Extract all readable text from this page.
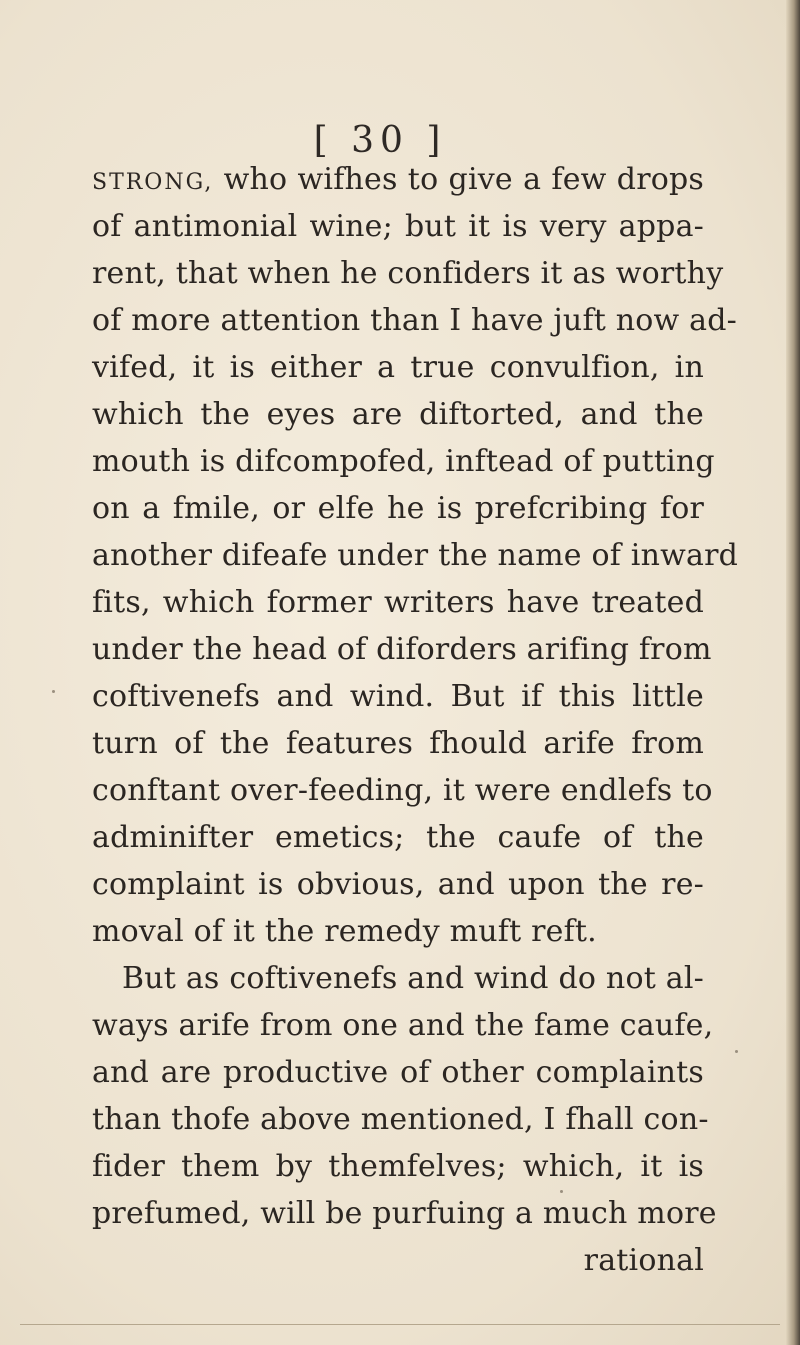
[ 30 ]
STRONG, who wifhes to give a few drops
of antimonial wine; but it is very appa-
rent, that when he confiders it as worthy
of more attention than I have juft now ad-
vifed, it is either a true convulfion, in
which the eyes are diftorted, and the
mouth is difcompofed, inftead of putting
on a fmile, or elfe he is prefcribing for
another difeafe under the name of inward
fits, which former writers have treated
under the head of diforders arifing from
coftivenefs and wind. But if this little
turn of the features fhould arife from
conftant over-feeding, it were endlefs to
adminifter emetics; the caufe of the
complaint is obvious, and upon the re-
moval of it the remedy muft reft.
But as coftivenefs and wind do not al-
ways arife from one and the fame caufe,
and are productive of other complaints
than thofe above mentioned, I fhall con-
fider them by themfelves; which, it is
prefumed, will be purfuing a much more
rational
